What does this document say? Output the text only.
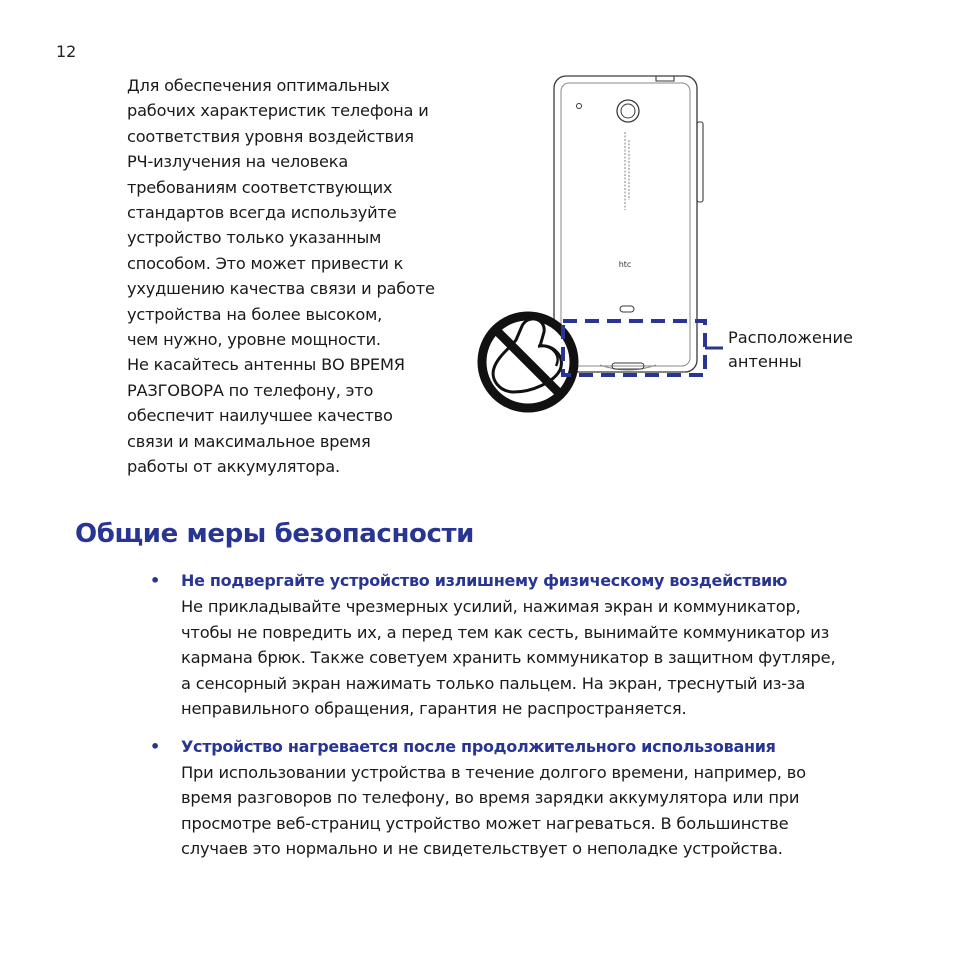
12

Для обеспечения оптимальных
рабочих характеристик телефона и
соответствия уровня воздействия
РЧ-излучения на человека
требованиям соответствующих
стандартов всегда используйте
устройство только указанным
способом. Это может привести к
ухудшению качества связи и работе
устройства на более высоком,
чем нужно, уровне мощности.
Не касайтесь антенны ВО ВРЕМЯ
РАЗГОВОРА по телефону, это
обеспечит наилучшее качество
связи и максимальное время
работы от аккумулятора.

htc
Расположение
антенны
Общие меры безопасности
• Не подвергайте устройство излишнему физическому воздействию
Не прикладывайте чрезмерных усилий, нажимая экран и коммуникатор,
чтобы не повредить их, а перед тем как сесть, вынимайте коммуникатор из
кармана брюк. Также советуем хранить коммуникатор в защитном футляре,
а сенсорный экран нажимать только пальцем. На экран, треснутый из-за
неправильного обращения, гарантия не распространяется.
• Устройство нагревается после продолжительного использования
При использовании устройства в течение долгого времени, например, во
время разговоров по телефону, во время зарядки аккумулятора или при
просмотре веб-страниц устройство может нагреваться. В большинстве
случаев это нормально и не свидетельствует о неполадке устройства.
